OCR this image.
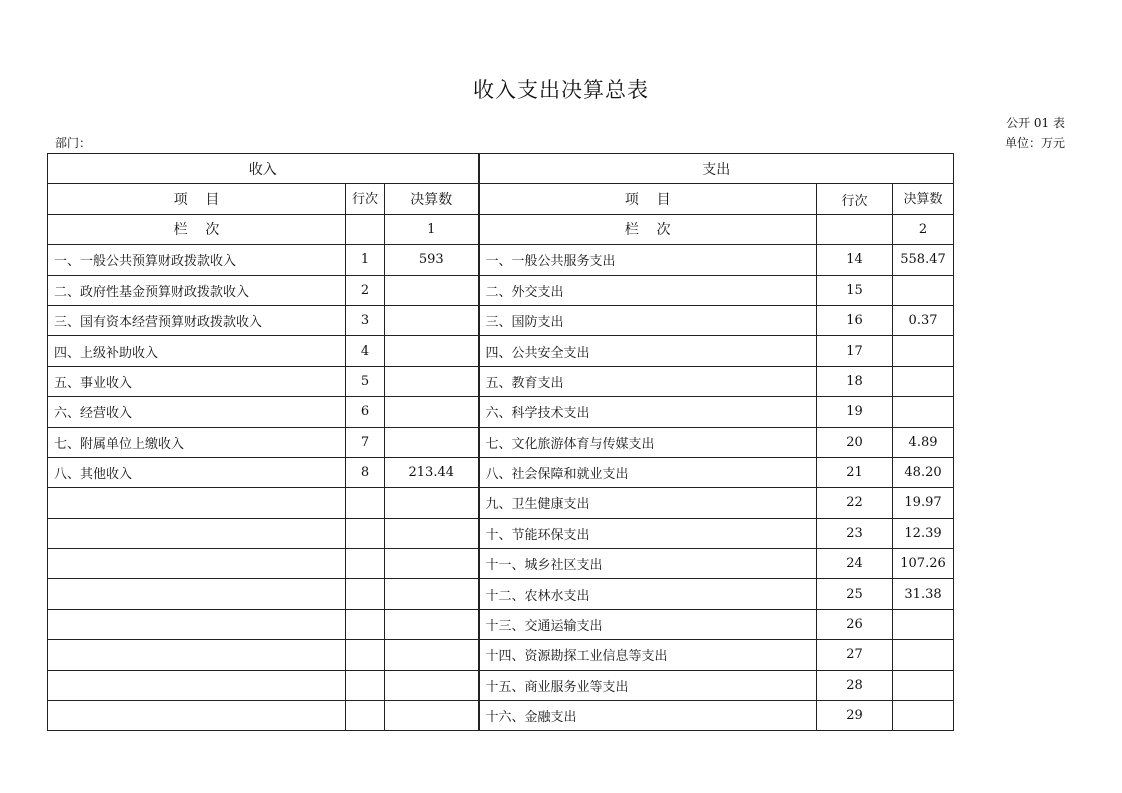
收入支出决算总表
公开 01 表
部门：	单位：万元
收入			支出		
项    目	行次	决算数	项    目	行次	决算数
栏    次		1	栏    次		2
一、一般公共预算财政拨款收入	1	593	一、一般公共服务支出	14	558.47
二、政府性基金预算财政拨款收入	2		二、外交支出	15	
三、国有资本经营预算财政拨款收入	3		三、国防支出	16	0.37
四、上级补助收入	4		四、公共安全支出	17	
五、事业收入	5		五、教育支出	18	
六、经营收入	6		六、科学技术支出	19	
七、附属单位上缴收入	7		七、文化旅游体育与传媒支出	20	4.89
八、其他收入	8	213.44	八、社会保障和就业支出	21	48.20
			九、卫生健康支出	22	19.97
			十、节能环保支出	23	12.39
			十一、城乡社区支出	24	107.26
			十二、农林水支出	25	31.38
			十三、交通运输支出	26	
			十四、资源勘探工业信息等支出	27	
			十五、商业服务业等支出	28	
			十六、金融支出	29	
